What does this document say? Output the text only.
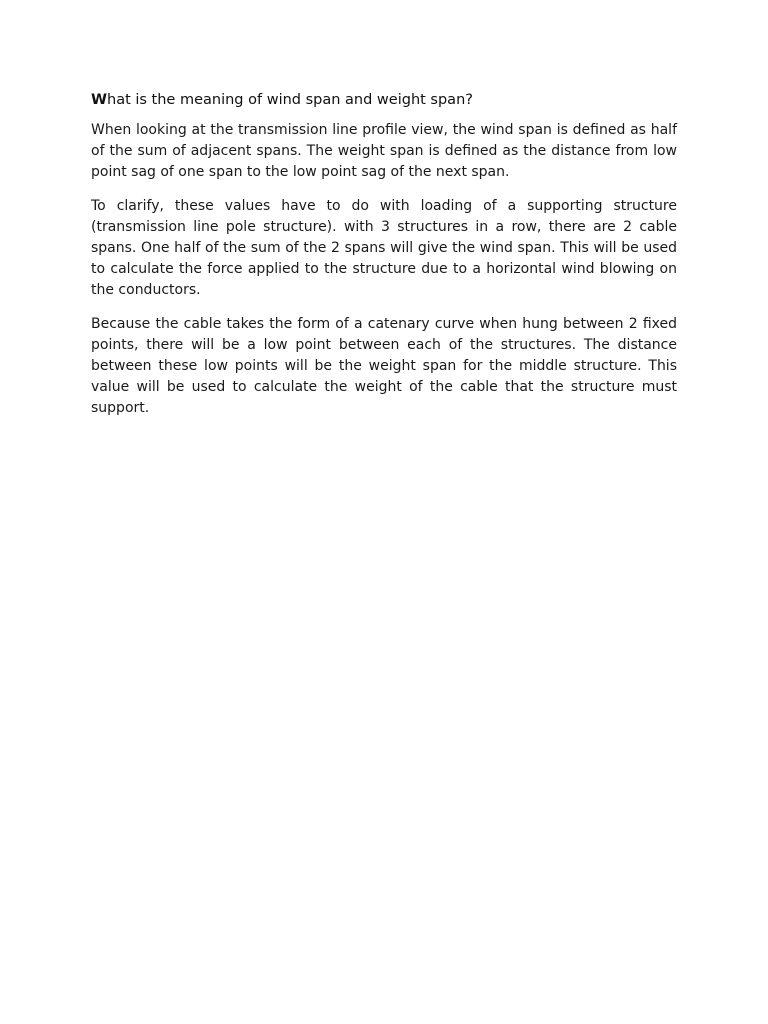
What is the meaning of wind span and weight span?

When looking at the transmission line profile view, the wind span is defined as half of the sum of adjacent spans. The weight span is defined as the distance from low point sag of one span to the low point sag of the next span.

To clarify, these values have to do with loading of a supporting structure (transmission line pole structure). with 3 structures in a row, there are 2 cable spans. One half of the sum of the 2 spans will give the wind span. This will be used to calculate the force applied to the structure due to a horizontal wind blowing on the conductors.

Because the cable takes the form of a catenary curve when hung between 2 fixed points, there will be a low point between each of the structures. The distance between these low points will be the weight span for the middle structure. This value will be used to calculate the weight of the cable that the structure must support.
